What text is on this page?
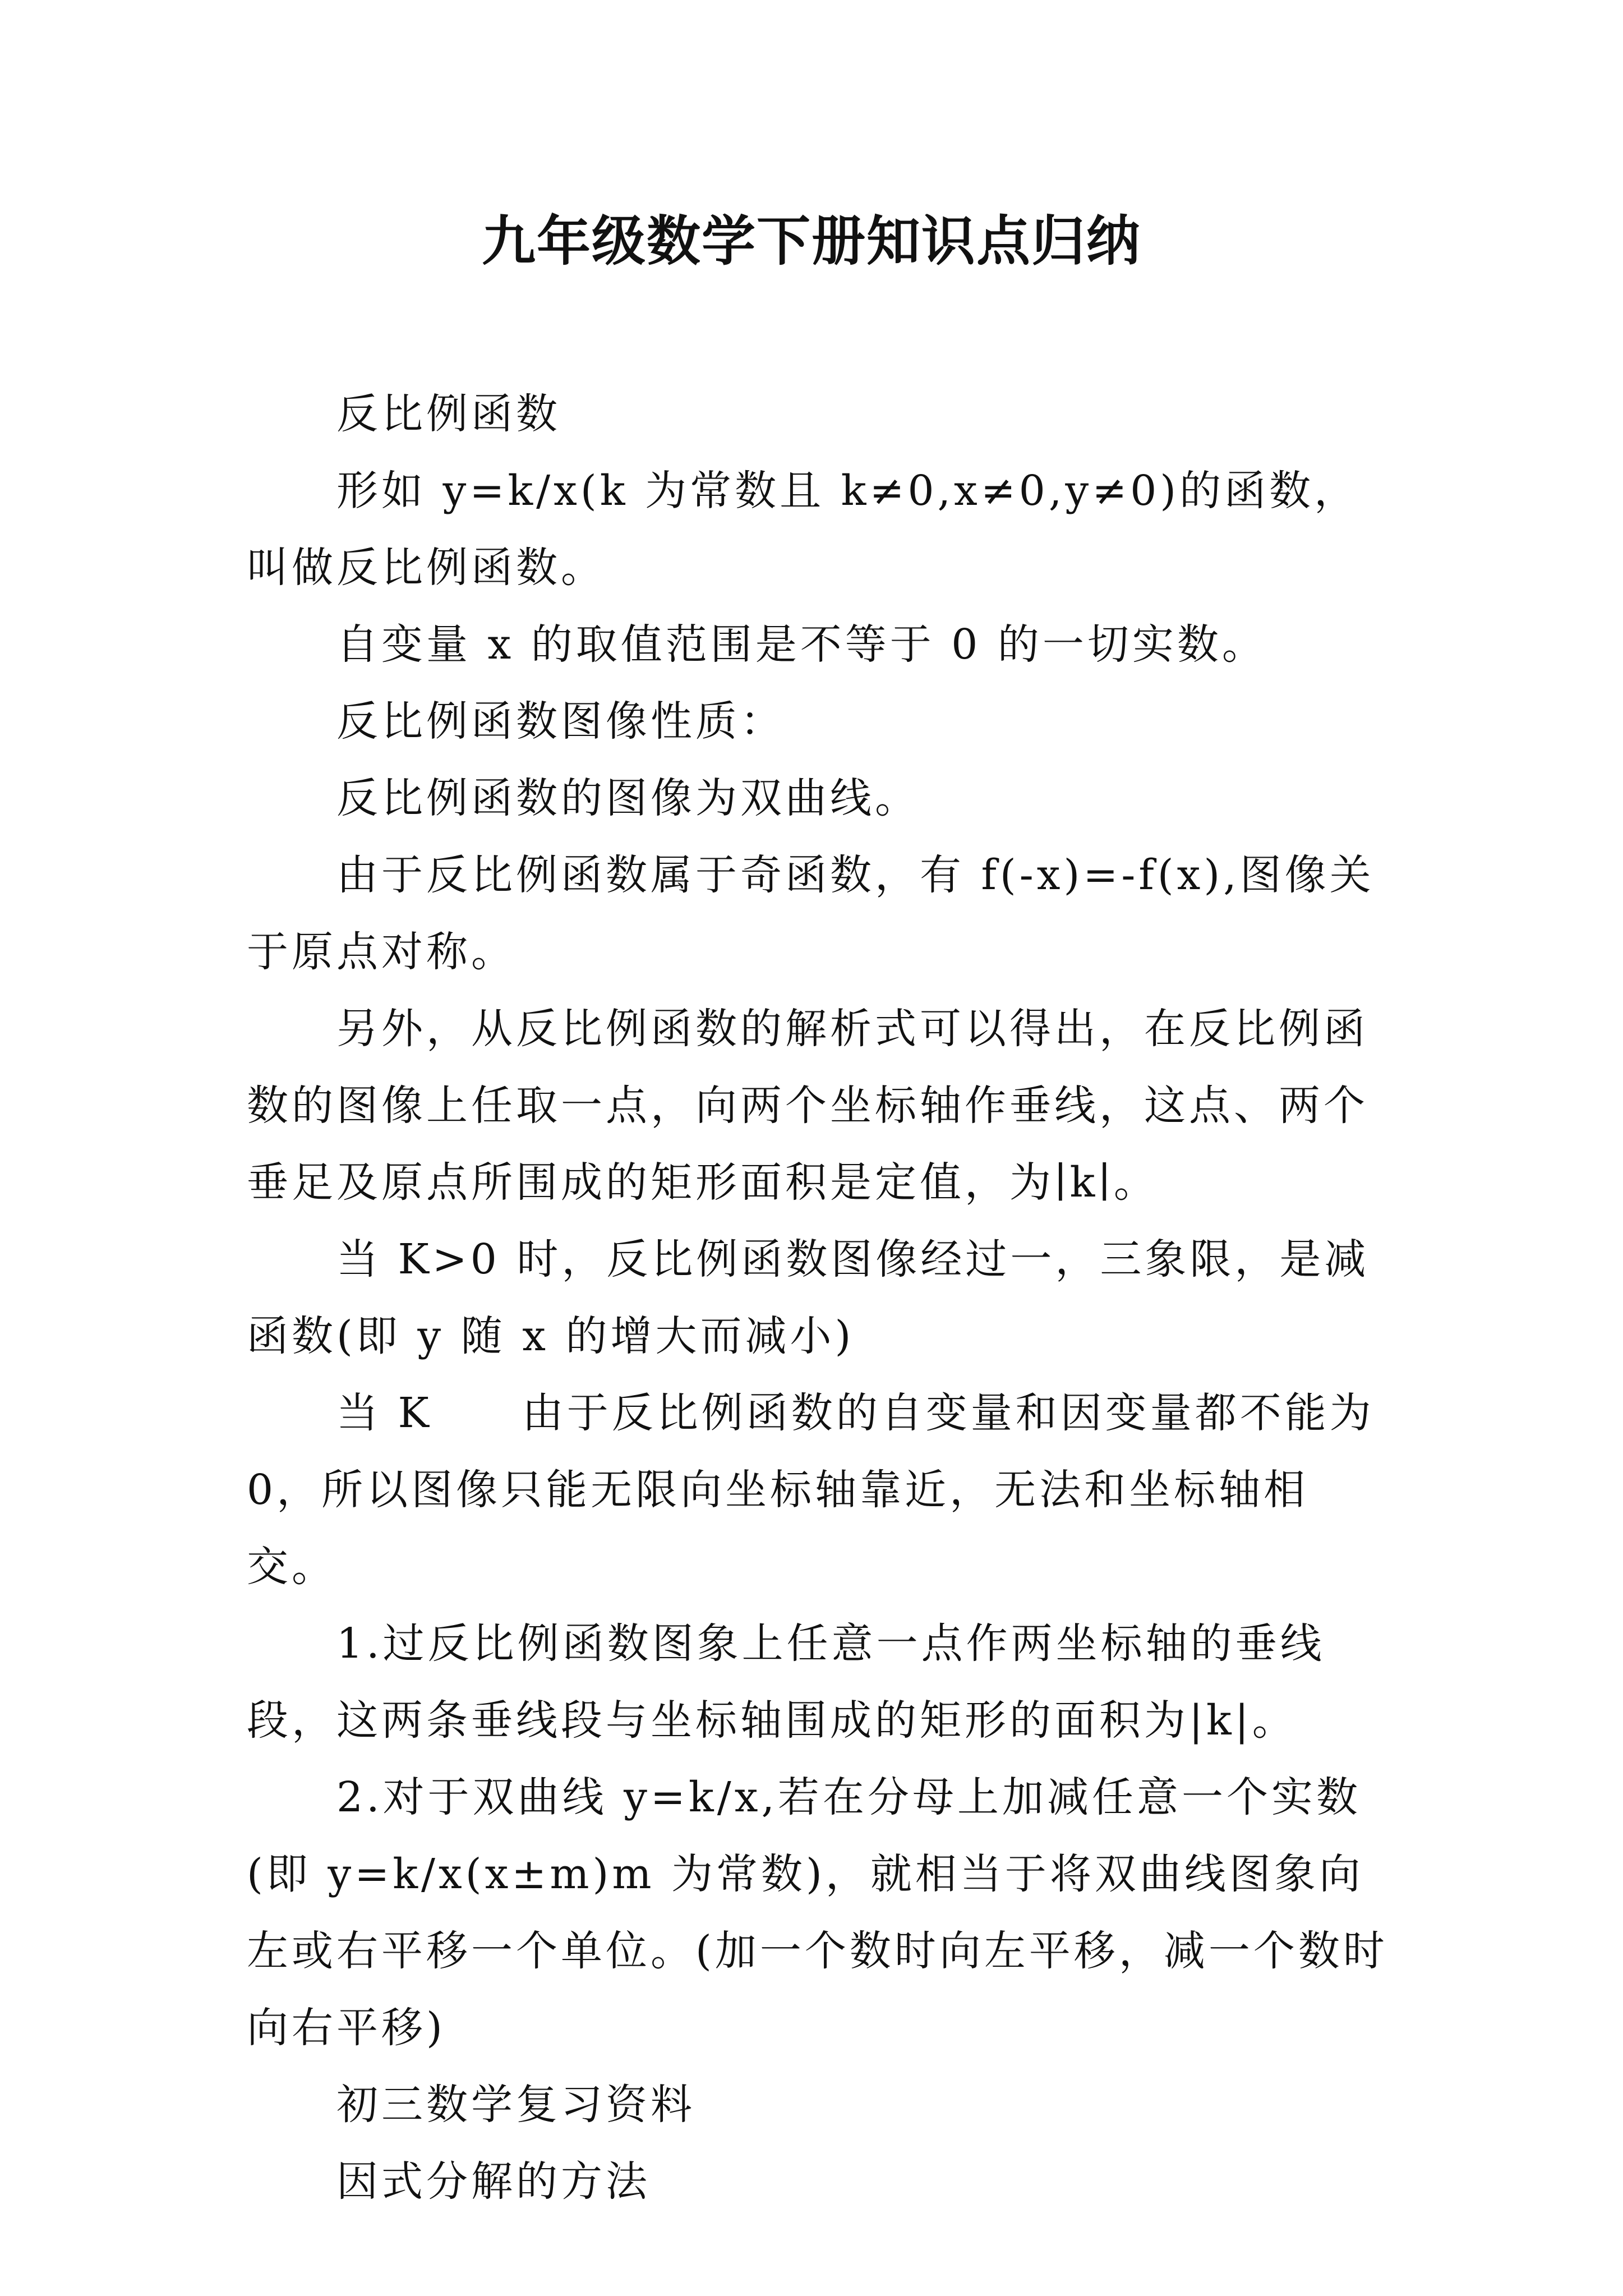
九年级数学下册知识点归纳

反比例函数

形如 y=k/x(k 为常数且 k≠0,x≠0,y≠0)的函数，叫做反比例函数。

自变量 x 的取值范围是不等于 0 的一切实数。

反比例函数图像性质：

反比例函数的图像为双曲线。

由于反比例函数属于奇函数，有 f(-x)=-f(x),图像关于原点对称。

另外，从反比例函数的解析式可以得出，在反比例函数的图像上任取一点，向两个坐标轴作垂线，这点、两个垂足及原点所围成的矩形面积是定值，为∣k∣。

当 K>0 时，反比例函数图像经过一，三象限，是减函数(即 y 随 x 的增大而减小)

当 K　　由于反比例函数的自变量和因变量都不能为 0，所以图像只能无限向坐标轴靠近，无法和坐标轴相交。

1.过反比例函数图象上任意一点作两坐标轴的垂线段，这两条垂线段与坐标轴围成的矩形的面积为|k|。

2.对于双曲线 y=k/x,若在分母上加减任意一个实数(即 y=k/x(x±m)m 为常数)，就相当于将双曲线图象向左或右平移一个单位。(加一个数时向左平移，减一个数时向右平移)

初三数学复习资料

因式分解的方法
